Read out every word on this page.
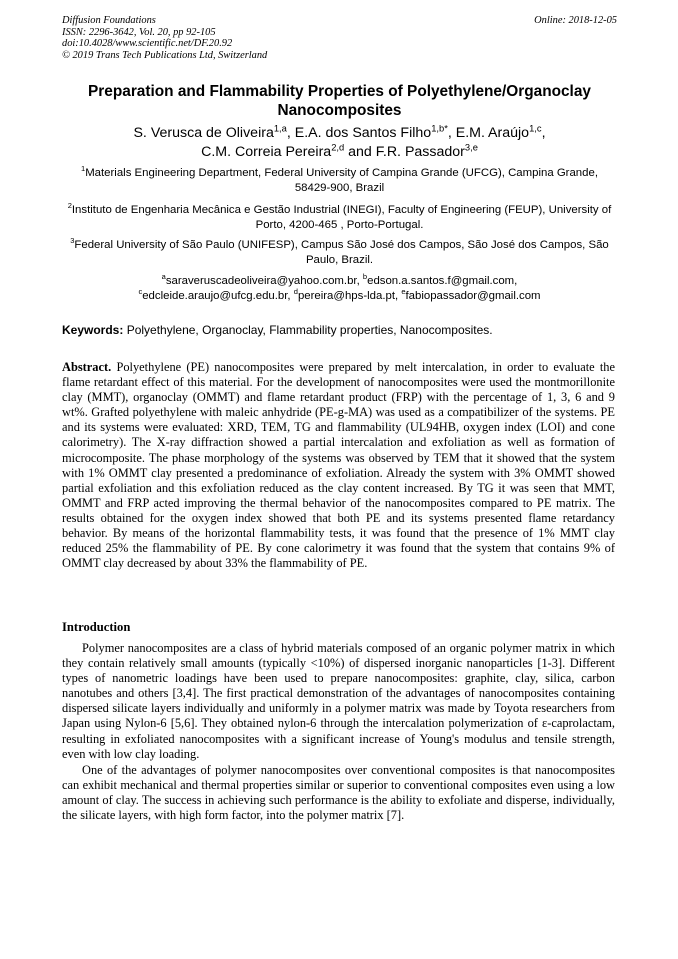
Diffusion Foundations
ISSN: 2296-3642, Vol. 20, pp 92-105
doi:10.4028/www.scientific.net/DF.20.92
© 2019 Trans Tech Publications Ltd, Switzerland
Online: 2018-12-05
Preparation and Flammability Properties of Polyethylene/Organoclay Nanocomposites
S. Verusca de Oliveira$^{1,a}$, E.A. dos Santos Filho$^{1,b*}$, E.M. Araújo$^{1,c}$,
C.M. Correia Pereira$^{2,d}$ and F.R. Passador$^{3,e}$
$^1$Materials Engineering Department, Federal University of Campina Grande (UFCG), Campina Grande, 58429-900, Brazil
$^2$Instituto de Engenharia Mecânica e Gestão Industrial (INEGI), Faculty of Engineering (FEUP), University of Porto, 4200-465 , Porto-Portugal.
$^3$Federal University of São Paulo (UNIFESP), Campus São José dos Campos, São José dos Campos, São Paulo, Brazil.
$^a$saraveruscadeoliveira@yahoo.com.br, $^b$edson.a.santos.f@gmail.com,
$^c$edcleide.araujo@ufcg.edu.br, $^d$pereira@hps-lda.pt, $^e$fabiopassador@gmail.com
Keywords: Polyethylene, Organoclay, Flammability properties, Nanocomposites.

Abstract. Polyethylene (PE) nanocomposites were prepared by melt intercalation, in order to evaluate the flame retardant effect of this material. For the development of nanocomposites were used the montmorillonite clay (MMT), organoclay (OMMT) and flame retardant product (FRP) with the percentage of 1, 3, 6 and 9 wt%. Grafted polyethylene with maleic anhydride (PE-g-MA) was used as a compatibilizer of the systems. PE and its systems were evaluated: XRD, TEM, TG and flammability (UL94HB, oxygen index (LOI) and cone calorimetry). The X-ray diffraction showed a partial intercalation and exfoliation as well as formation of microcomposite. The phase morphology of the systems was observed by TEM that it showed that the system with 1% OMMT clay presented a predominance of exfoliation. Already the system with 3% OMMT showed partial exfoliation and this exfoliation reduced as the clay content increased. By TG it was seen that MMT, OMMT and FRP acted improving the thermal behavior of the nanocomposites compared to PE matrix. The results obtained for the oxygen index showed that both PE and its systems presented flame retardancy behavior. By means of the horizontal flammability tests, it was found that the presence of 1% MMT clay reduced 25% the flammability of PE. By cone calorimetry it was found that the system that contains 9% of OMMT clay decreased by about 33% the flammability of PE.

Introduction

Polymer nanocomposites are a class of hybrid materials composed of an organic polymer matrix in which they contain relatively small amounts (typically <10%) of dispersed inorganic nanoparticles [1-3]. Different types of nanometric loadings have been used to prepare nanocomposites: graphite, clay, silica, carbon nanotubes and others [3,4]. The first practical demonstration of the advantages of nanocomposites containing dispersed silicate layers individually and uniformly in a polymer matrix was made by Toyota researchers from Japan using Nylon-6 [5,6]. They obtained nylon-6 through the intercalation polymerization of ε-caprolactam, resulting in exfoliated nanocomposites with a significant increase of Young's modulus and tensile strength, even with low clay loading.

One of the advantages of polymer nanocomposites over conventional composites is that nanocomposites can exhibit mechanical and thermal properties similar or superior to conventional composites even using a low amount of clay. The success in achieving such performance is the ability to exfoliate and disperse, individually, the silicate layers, with high form factor, into the polymer matrix [7].
